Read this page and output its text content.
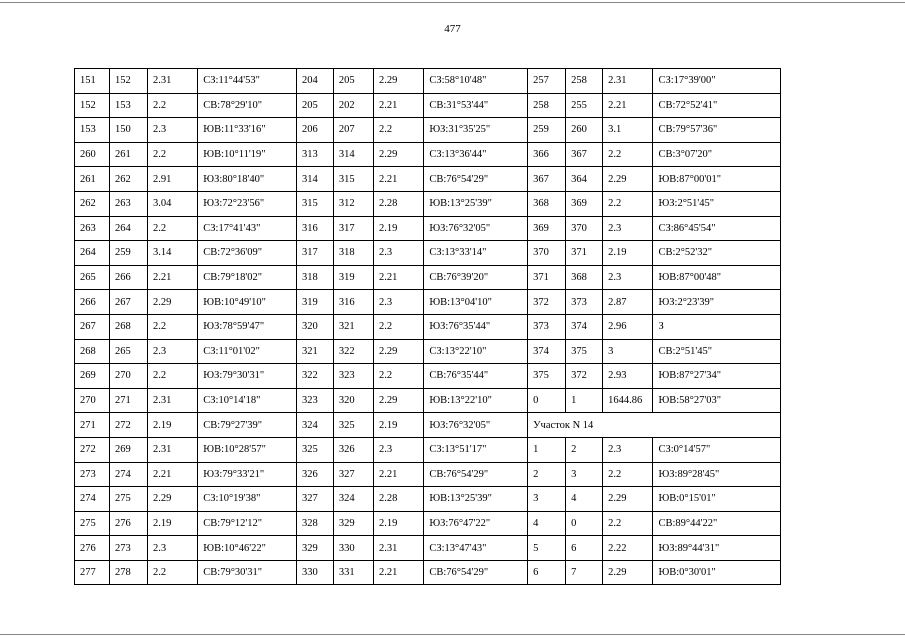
477
151	152	2.31	СЗ:11°44'53"	204	205	2.29	СЗ:58°10'48"	257	258	2.31	СЗ:17°39'00"
152	153	2.2	СВ:78°29'10"	205	202	2.21	СВ:31°53'44"	258	255	2.21	СВ:72°52'41"
153	150	2.3	ЮВ:11°33'16"	206	207	2.2	ЮЗ:31°35'25"	259	260	3.1	СВ:79°57'36"
260	261	2.2	ЮВ:10°11'19"	313	314	2.29	СЗ:13°36'44"	366	367	2.2	СВ:3°07'20"
261	262	2.91	ЮЗ:80°18'40"	314	315	2.21	СВ:76°54'29"	367	364	2.29	ЮВ:87°00'01"
262	263	3.04	ЮЗ:72°23'56"	315	312	2.28	ЮВ:13°25'39"	368	369	2.2	ЮЗ:2°51'45"
263	264	2.2	СЗ:17°41'43"	316	317	2.19	ЮЗ:76°32'05"	369	370	2.3	СЗ:86°45'54"
264	259	3.14	СВ:72°36'09"	317	318	2.3	СЗ:13°33'14"	370	371	2.19	СВ:2°52'32"
265	266	2.21	СВ:79°18'02"	318	319	2.21	СВ:76°39'20"	371	368	2.3	ЮВ:87°00'48"
266	267	2.29	ЮВ:10°49'10"	319	316	2.3	ЮВ:13°04'10"	372	373	2.87	ЮЗ:2°23'39"
267	268	2.2	ЮЗ:78°59'47"	320	321	2.2	ЮЗ:76°35'44"	373	374	2.96	З
268	265	2.3	СЗ:11°01'02"	321	322	2.29	СЗ:13°22'10"	374	375	3	СВ:2°51'45"
269	270	2.2	ЮЗ:79°30'31"	322	323	2.2	СВ:76°35'44"	375	372	2.93	ЮВ:87°27'34"
270	271	2.31	СЗ:10°14'18"	323	320	2.29	ЮВ:13°22'10"	0	1	1644.86	ЮВ:58°27'03"
271	272	2.19	СВ:79°27'39"	324	325	2.19	ЮЗ:76°32'05"	Участок N 14			
272	269	2.31	ЮВ:10°28'57"	325	326	2.3	СЗ:13°51'17"	1	2	2.3	СЗ:0°14'57"
273	274	2.21	ЮЗ:79°33'21"	326	327	2.21	СВ:76°54'29"	2	3	2.2	ЮЗ:89°28'45"
274	275	2.29	СЗ:10°19'38"	327	324	2.28	ЮВ:13°25'39"	3	4	2.29	ЮВ:0°15'01"
275	276	2.19	СВ:79°12'12"	328	329	2.19	ЮЗ:76°47'22"	4	0	2.2	СВ:89°44'22"
276	273	2.3	ЮВ:10°46'22"	329	330	2.31	СЗ:13°47'43"	5	6	2.22	ЮЗ:89°44'31"
277	278	2.2	СВ:79°30'31"	330	331	2.21	СВ:76°54'29"	6	7	2.29	ЮВ:0°30'01"
